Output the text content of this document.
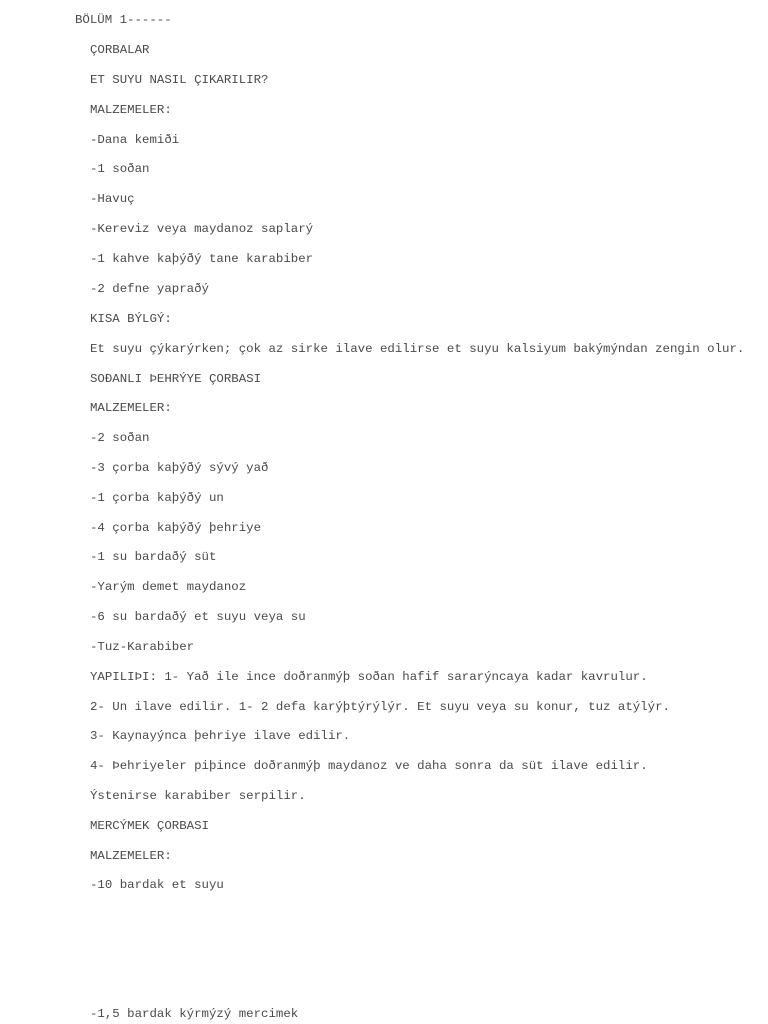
BÖLÜM 1------
ÇORBALAR
ET SUYU NASIL ÇIKARILIR?
MALZEMELER:
-Dana kemiði
-1 soðan
-Havuç
-Kereviz veya maydanoz saplarý
-1 kahve kaþýðý tane karabiber
-2 defne yapraðý
KISA BÝLGÝ:
Et suyu çýkarýrken; çok az sirke ilave edilirse et suyu kalsiyum bakýmýndan zengin olur.
SOÐANLI ÞEHRÝYE ÇORBASI
MALZEMELER:
-2 soðan
-3 çorba kaþýðý sývý yað
-1 çorba kaþýðý un
-4 çorba kaþýðý þehriye
-1 su bardaðý süt
-Yarým demet maydanoz
-6 su bardaðý et suyu veya su
-Tuz-Karabiber
YAPILIÞI: 1- Yað ile ince doðranmýþ soðan hafif sararýncaya kadar kavrulur.
2- Un ilave edilir. 1- 2 defa karýþtýrýlýr. Et suyu veya su konur, tuz atýlýr.
3- Kaynayýnca þehriye ilave edilir.
4- Þehriyeler piþince doðranmýþ maydanoz ve daha sonra da süt ilave edilir.
Ýstenirse karabiber serpilir.
MERCÝMEK ÇORBASI
MALZEMELER:
-10 bardak et suyu
-1,5 bardak kýrmýzý mercimek
